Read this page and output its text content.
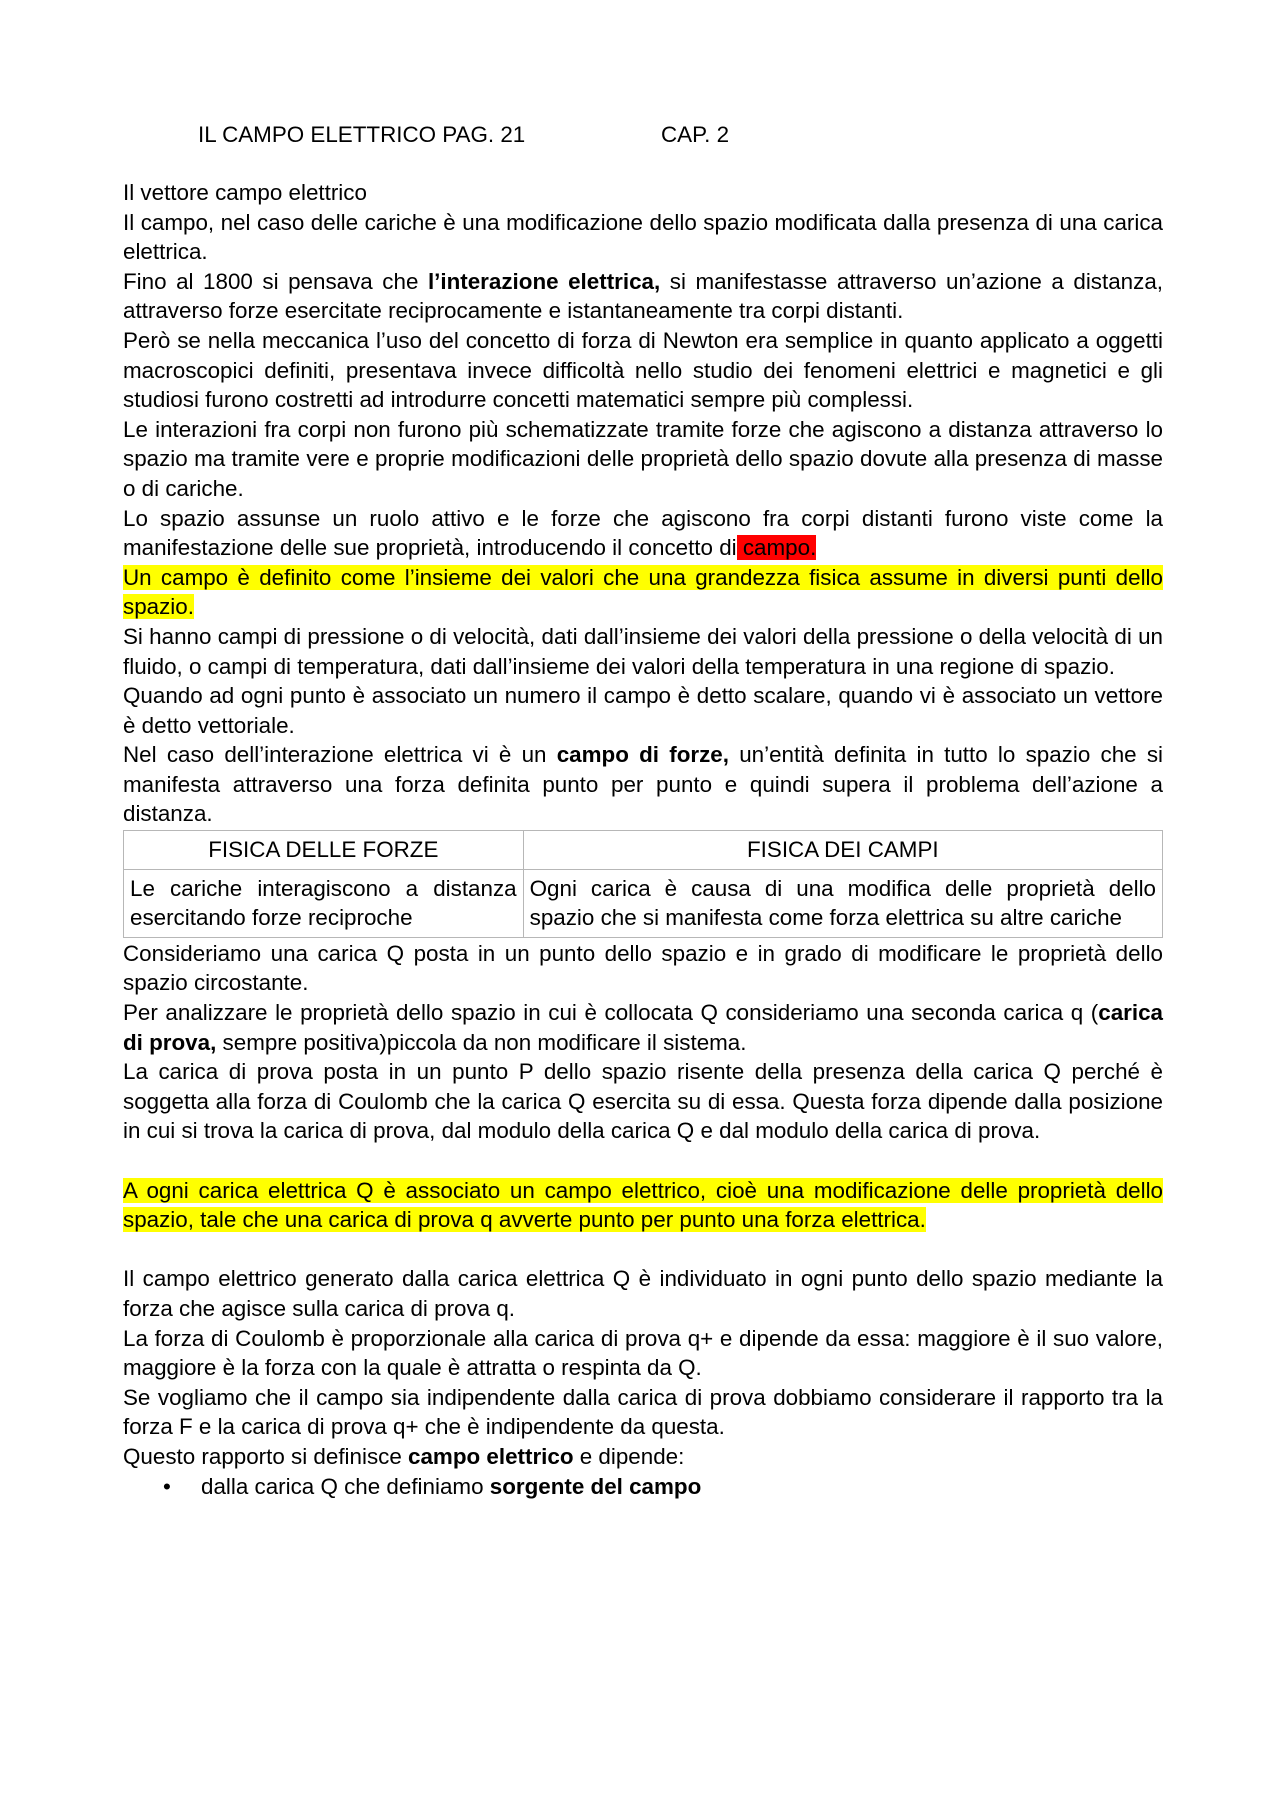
IL CAMPO ELETTRICO PAG. 21	CAP. 2

Il vettore campo elettrico

Il campo, nel caso delle cariche è una modificazione dello spazio modificata dalla presenza di una carica elettrica.

Fino al 1800 si pensava che l’interazione elettrica, si manifestasse attraverso un’azione a distanza, attraverso forze esercitate reciprocamente e istantaneamente tra corpi distanti.

Però se nella meccanica l’uso del concetto di forza di Newton era semplice in quanto applicato a oggetti macroscopici definiti, presentava invece difficoltà nello studio dei fenomeni elettrici e magnetici e gli studiosi furono costretti ad introdurre concetti matematici sempre più complessi.

Le interazioni fra corpi non furono più schematizzate tramite forze che agiscono a distanza attraverso lo spazio ma tramite vere e proprie modificazioni delle proprietà dello spazio dovute alla presenza di masse o di cariche.

Lo spazio assunse un ruolo attivo e le forze che agiscono fra corpi distanti furono viste come la manifestazione delle sue proprietà, introducendo il concetto di campo.

Un campo è definito come l’insieme dei valori che una grandezza fisica assume in diversi punti dello spazio.

Si hanno campi di pressione o di velocità, dati dall’insieme dei valori della pressione o della velocità di un fluido, o campi di temperatura, dati dall’insieme dei valori della temperatura in una regione di spazio.

Quando ad ogni punto è associato un numero il campo è detto scalare, quando vi è associato un vettore è detto vettoriale.

Nel caso dell’interazione elettrica vi è un campo di forze, un’entità definita in tutto lo spazio che si manifesta attraverso una forza definita punto per punto e quindi supera il problema dell’azione a distanza.

FISICA DELLE FORZE	FISICA DEI CAMPI
Le cariche interagiscono a distanza esercitando forze reciproche	Ogni carica è causa di una modifica delle proprietà dello spazio che si manifesta come forza elettrica su altre cariche

Consideriamo una carica Q posta in un punto dello spazio e in grado di modificare le proprietà dello spazio circostante.

Per analizzare le proprietà dello spazio in cui è collocata Q consideriamo una seconda carica q (carica di prova, sempre positiva)piccola da non modificare il sistema.

La carica di prova posta in un punto P dello spazio risente della presenza della carica Q perché è soggetta alla forza di Coulomb che la carica Q esercita su di essa. Questa forza dipende dalla posizione in cui si trova la carica di prova, dal modulo della carica Q e dal modulo della carica di prova.

A ogni carica elettrica Q è associato un campo elettrico, cioè una modificazione delle proprietà dello spazio, tale che una carica di prova q avverte punto per punto una forza elettrica.

Il campo elettrico generato dalla carica elettrica Q è individuato in ogni punto dello spazio mediante la forza che agisce sulla carica di prova q.

La forza di Coulomb è proporzionale alla carica di prova q+ e dipende da essa: maggiore è il suo valore, maggiore è la forza con la quale è attratta o respinta da Q.

Se vogliamo che il campo sia indipendente dalla carica di prova dobbiamo considerare il rapporto tra la forza F e la carica di prova q+ che è indipendente da questa.

Questo rapporto si definisce campo elettrico e dipende:

• dalla carica Q che definiamo sorgente del campo
